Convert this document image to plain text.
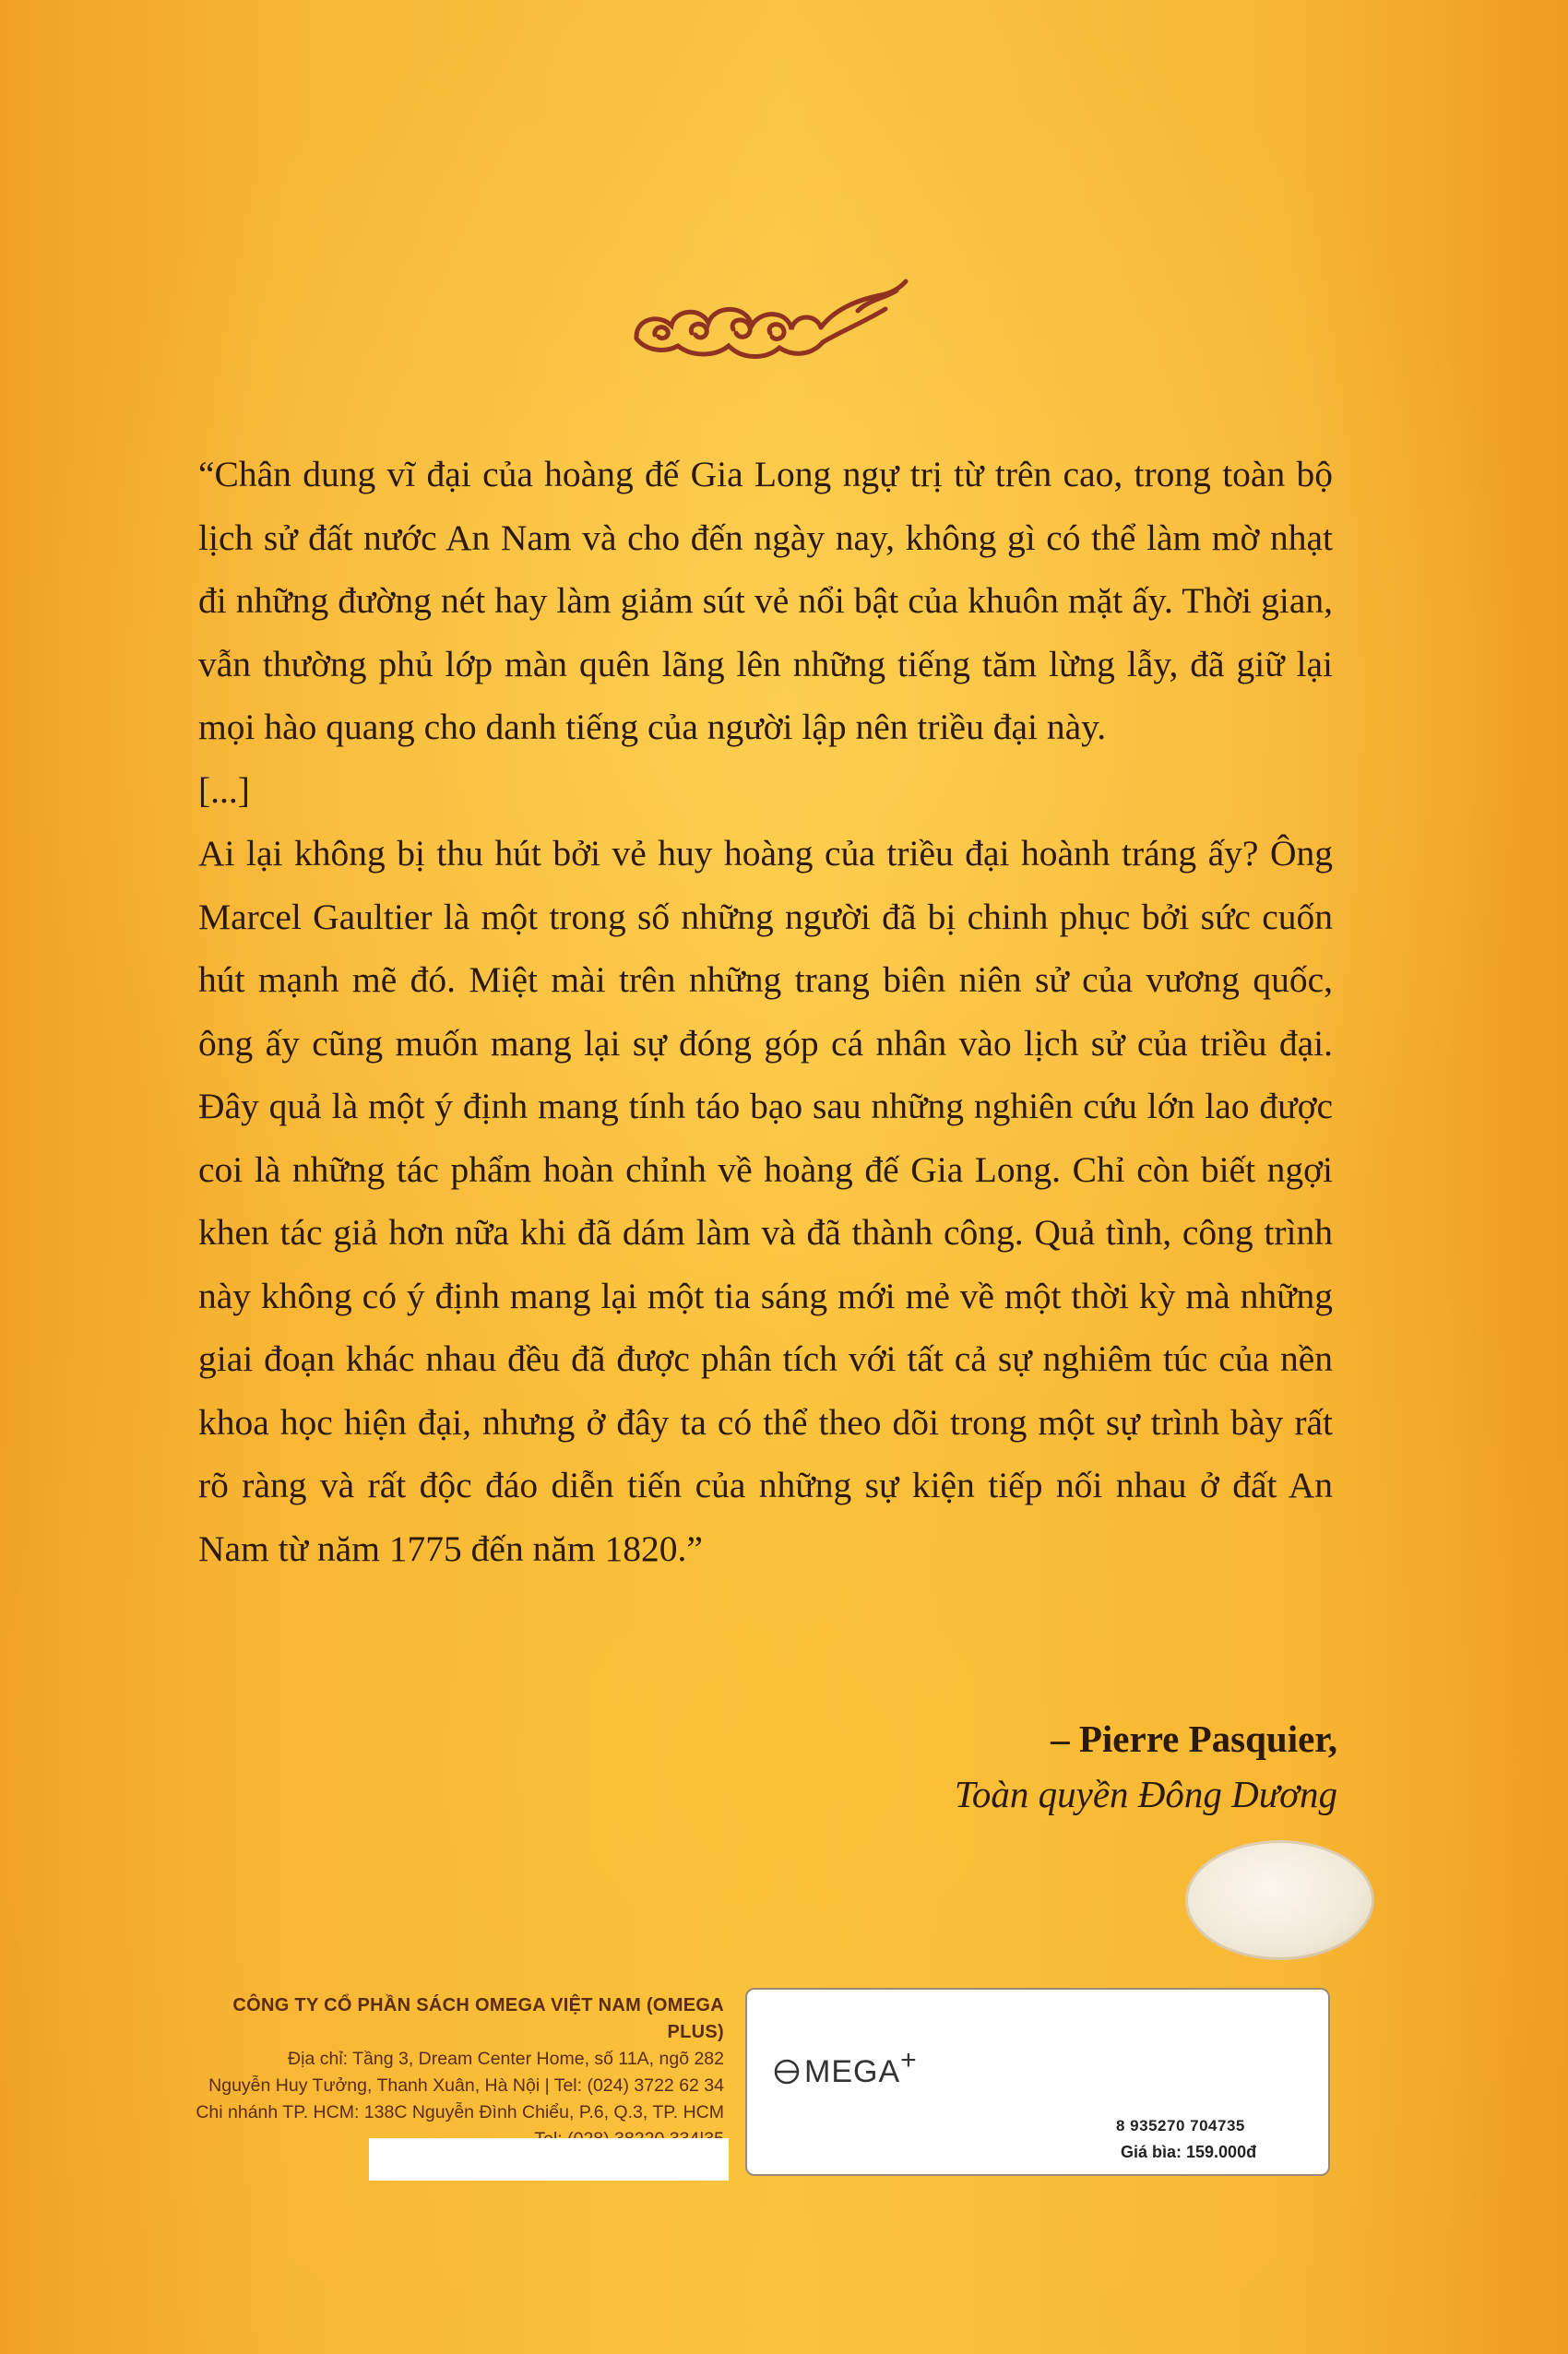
“Chân dung vĩ đại của hoàng đế Gia Long ngự trị từ trên cao, trong toàn bộ lịch sử đất nước An Nam và cho đến ngày nay, không gì có thể làm mờ nhạt đi những đường nét hay làm giảm sút vẻ nổi bật của khuôn mặt ấy. Thời gian, vẫn thường phủ lớp màn quên lãng lên những tiếng tăm lừng lẫy, đã giữ lại mọi hào quang cho danh tiếng của người lập nên triều đại này.

[...]

Ai lại không bị thu hút bởi vẻ huy hoàng của triều đại hoành tráng ấy? Ông Marcel Gaultier là một trong số những người đã bị chinh phục bởi sức cuốn hút mạnh mẽ đó. Miệt mài trên những trang biên niên sử của vương quốc, ông ấy cũng muốn mang lại sự đóng góp cá nhân vào lịch sử của triều đại. Đây quả là một ý định mang tính táo bạo sau những nghiên cứu lớn lao được coi là những tác phẩm hoàn chỉnh về hoàng đế Gia Long. Chỉ còn biết ngợi khen tác giả hơn nữa khi đã dám làm và đã thành công. Quả tình, công trình này không có ý định mang lại một tia sáng mới mẻ về một thời kỳ mà những giai đoạn khác nhau đều đã được phân tích với tất cả sự nghiêm túc của nền khoa học hiện đại, nhưng ở đây ta có thể theo dõi trong một sự trình bày rất rõ ràng và rất độc đáo diễn tiến của những sự kiện tiếp nối nhau ở đất An Nam từ năm 1775 đến năm 1820.”

– Pierre Pasquier,
Toàn quyền Đông Dương
CÔNG TY CỔ PHẦN SÁCH OMEGA VIỆT NAM (OMEGA PLUS)
Địa chỉ: Tầng 3, Dream Center Home, số 11A, ngõ 282
Nguyễn Huy Tưởng, Thanh Xuân, Hà Nội | Tel: (024) 3722 62 34
Chi nhánh TP. HCM: 138C Nguyễn Đình Chiểu, P.6, Q.3, TP. HCM
MEGA +
8 935270 704735
Giá bìa: 159.000đ
